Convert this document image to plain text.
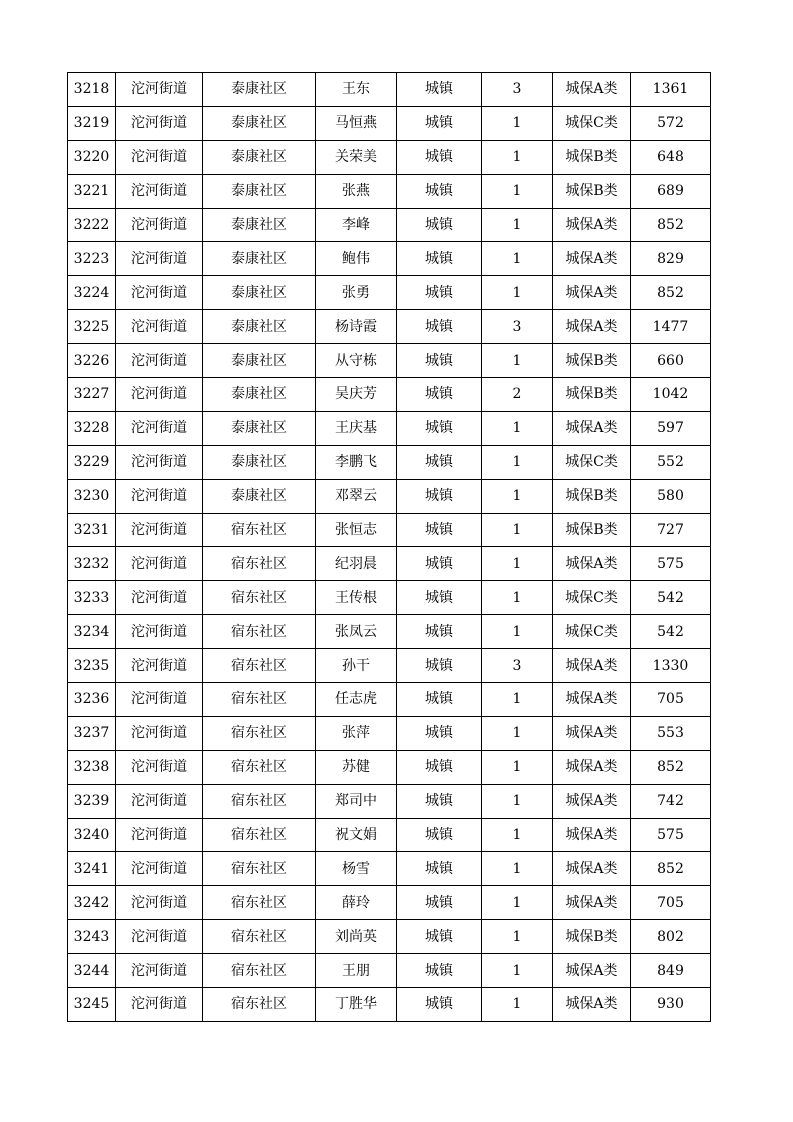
3218	沱河街道	泰康社区	王东	城镇	3	城保A类	1361
3219	沱河街道	泰康社区	马恒燕	城镇	1	城保C类	572
3220	沱河街道	泰康社区	关荣美	城镇	1	城保B类	648
3221	沱河街道	泰康社区	张燕	城镇	1	城保B类	689
3222	沱河街道	泰康社区	李峰	城镇	1	城保A类	852
3223	沱河街道	泰康社区	鲍伟	城镇	1	城保A类	829
3224	沱河街道	泰康社区	张勇	城镇	1	城保A类	852
3225	沱河街道	泰康社区	杨诗霞	城镇	3	城保A类	1477
3226	沱河街道	泰康社区	从守栋	城镇	1	城保B类	660
3227	沱河街道	泰康社区	吴庆芳	城镇	2	城保B类	1042
3228	沱河街道	泰康社区	王庆基	城镇	1	城保A类	597
3229	沱河街道	泰康社区	李鹏飞	城镇	1	城保C类	552
3230	沱河街道	泰康社区	邓翠云	城镇	1	城保B类	580
3231	沱河街道	宿东社区	张恒志	城镇	1	城保B类	727
3232	沱河街道	宿东社区	纪羽晨	城镇	1	城保A类	575
3233	沱河街道	宿东社区	王传根	城镇	1	城保C类	542
3234	沱河街道	宿东社区	张凤云	城镇	1	城保C类	542
3235	沱河街道	宿东社区	孙干	城镇	3	城保A类	1330
3236	沱河街道	宿东社区	任志虎	城镇	1	城保A类	705
3237	沱河街道	宿东社区	张萍	城镇	1	城保A类	553
3238	沱河街道	宿东社区	苏健	城镇	1	城保A类	852
3239	沱河街道	宿东社区	郑司中	城镇	1	城保A类	742
3240	沱河街道	宿东社区	祝文娟	城镇	1	城保A类	575
3241	沱河街道	宿东社区	杨雪	城镇	1	城保A类	852
3242	沱河街道	宿东社区	薛玲	城镇	1	城保A类	705
3243	沱河街道	宿东社区	刘尚英	城镇	1	城保B类	802
3244	沱河街道	宿东社区	王朋	城镇	1	城保A类	849
3245	沱河街道	宿东社区	丁胜华	城镇	1	城保A类	930
